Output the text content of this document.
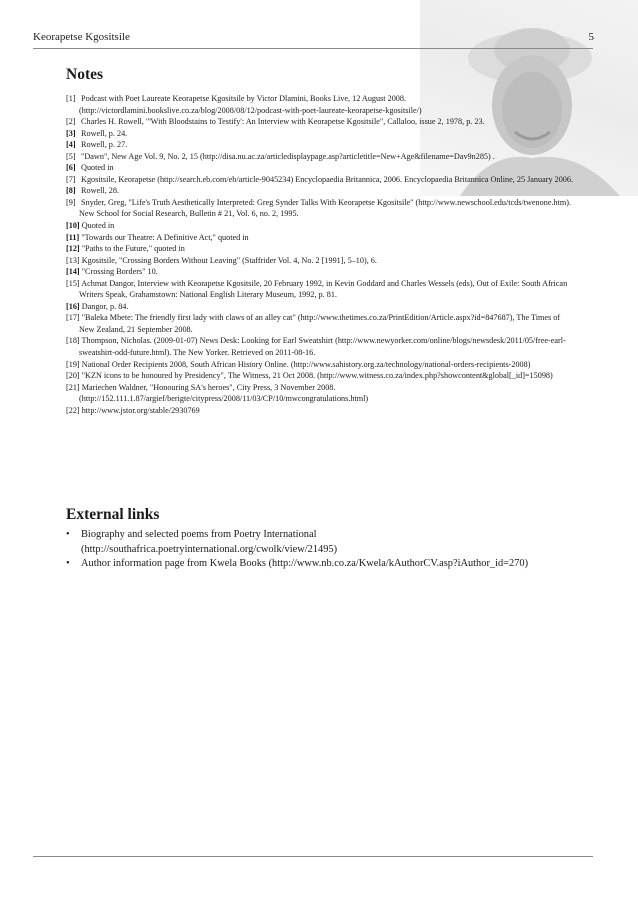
Keorapetse Kgositsile	5
Notes
[1] Podcast with Poet Laureate Keorapetse Kgositsile by Victor Dlamini, Books Live, 12 August 2008. (http://victordlamini.bookslive.co.za/blog/2008/08/12/podcast-with-poet-laureate-keorapetse-kgositsile/)
[2] Charles H. Rowell, "'With Bloodstains to Testify': An Interview with Keorapetse Kgositsile", Callaloo, issue 2, 1978, p. 23.
[3] Rowell, p. 24.
[4] Rowell, p. 27.
[5] "Dawn", New Age Vol. 9, No. 2, 15 (http://disa.nu.ac.za/articledisplaypage.asp?articletitle=New+Age&filename=Dav9n285) .
[6] Quoted in
[7] Kgositsile, Keorapetse (http://search.eb.com/eb/article-9045234) Encyclopaedia Britannica, 2006. Encyclopaedia Britannica Online, 25 January 2006.
[8] Rowell, 28.
[9] Snyder, Greg, "Life's Truth Aesthetically Interpreted: Greg Synder Talks With Keorapetse Kgositsile" (http://www.newschool.edu/tcds/twenone.htm). New School for Social Research, Bulletin # 21, Vol. 6, no. 2, 1995.
[10] Quoted in
[11] "Towards our Theatre: A Definitive Act," quoted in
[12] "Paths to the Future," quoted in
[13] Kgositsile, "Crossing Borders Without Leaving" (Staffrider Vol. 4, No. 2 [1991], 5–10), 6.
[14] "Crossing Borders" 10.
[15] Achmat Dangor, Interview with Keorapetse Kgositsile, 20 February 1992, in Kevin Goddard and Charles Wessels (eds), Out of Exile: South African Writers Speak, Grahamstown: National English Literary Museum, 1992, p. 81.
[16] Dangor, p. 84.
[17] "Baleka Mbete: The friendly first lady with claws of an alley cat" (http://www.thetimes.co.za/PrintEdition/Article.aspx?id=847687), The Times of New Zealand, 21 September 2008.
[18] Thompson, Nicholas. (2009-01-07) News Desk: Looking for Earl Sweatshirt (http://www.newyorker.com/online/blogs/newsdesk/2011/05/free-earl-sweatshirt-odd-future.html). The New Yorker. Retrieved on 2011-08-16.
[19] National Order Recipients 2008, South African History Online. (http://www.sahistory.org.za/technology/national-orders-recipients-2008)
[20] "KZN icons to be honoured by Presidency", The Witness, 21 Oct 2008. (http://www.witness.co.za/index.php?showcontent&global[_id]=15098)
[21] Mariechen Waldner, "Honouring SA's heroes", City Press, 3 November 2008. (http://152.111.1.87/argief/berigte/citypress/2008/11/03/CP/10/mwcongratulations.html)
[22] http://www.jstor.org/stable/2930769
External links
• Biography and selected poems from Poetry International (http://southafrica.poetryinternational.org/cwolk/view/21495)
• Author information page from Kwela Books (http://www.nb.co.za/Kwela/kAuthorCV.asp?iAuthor_id=270)
